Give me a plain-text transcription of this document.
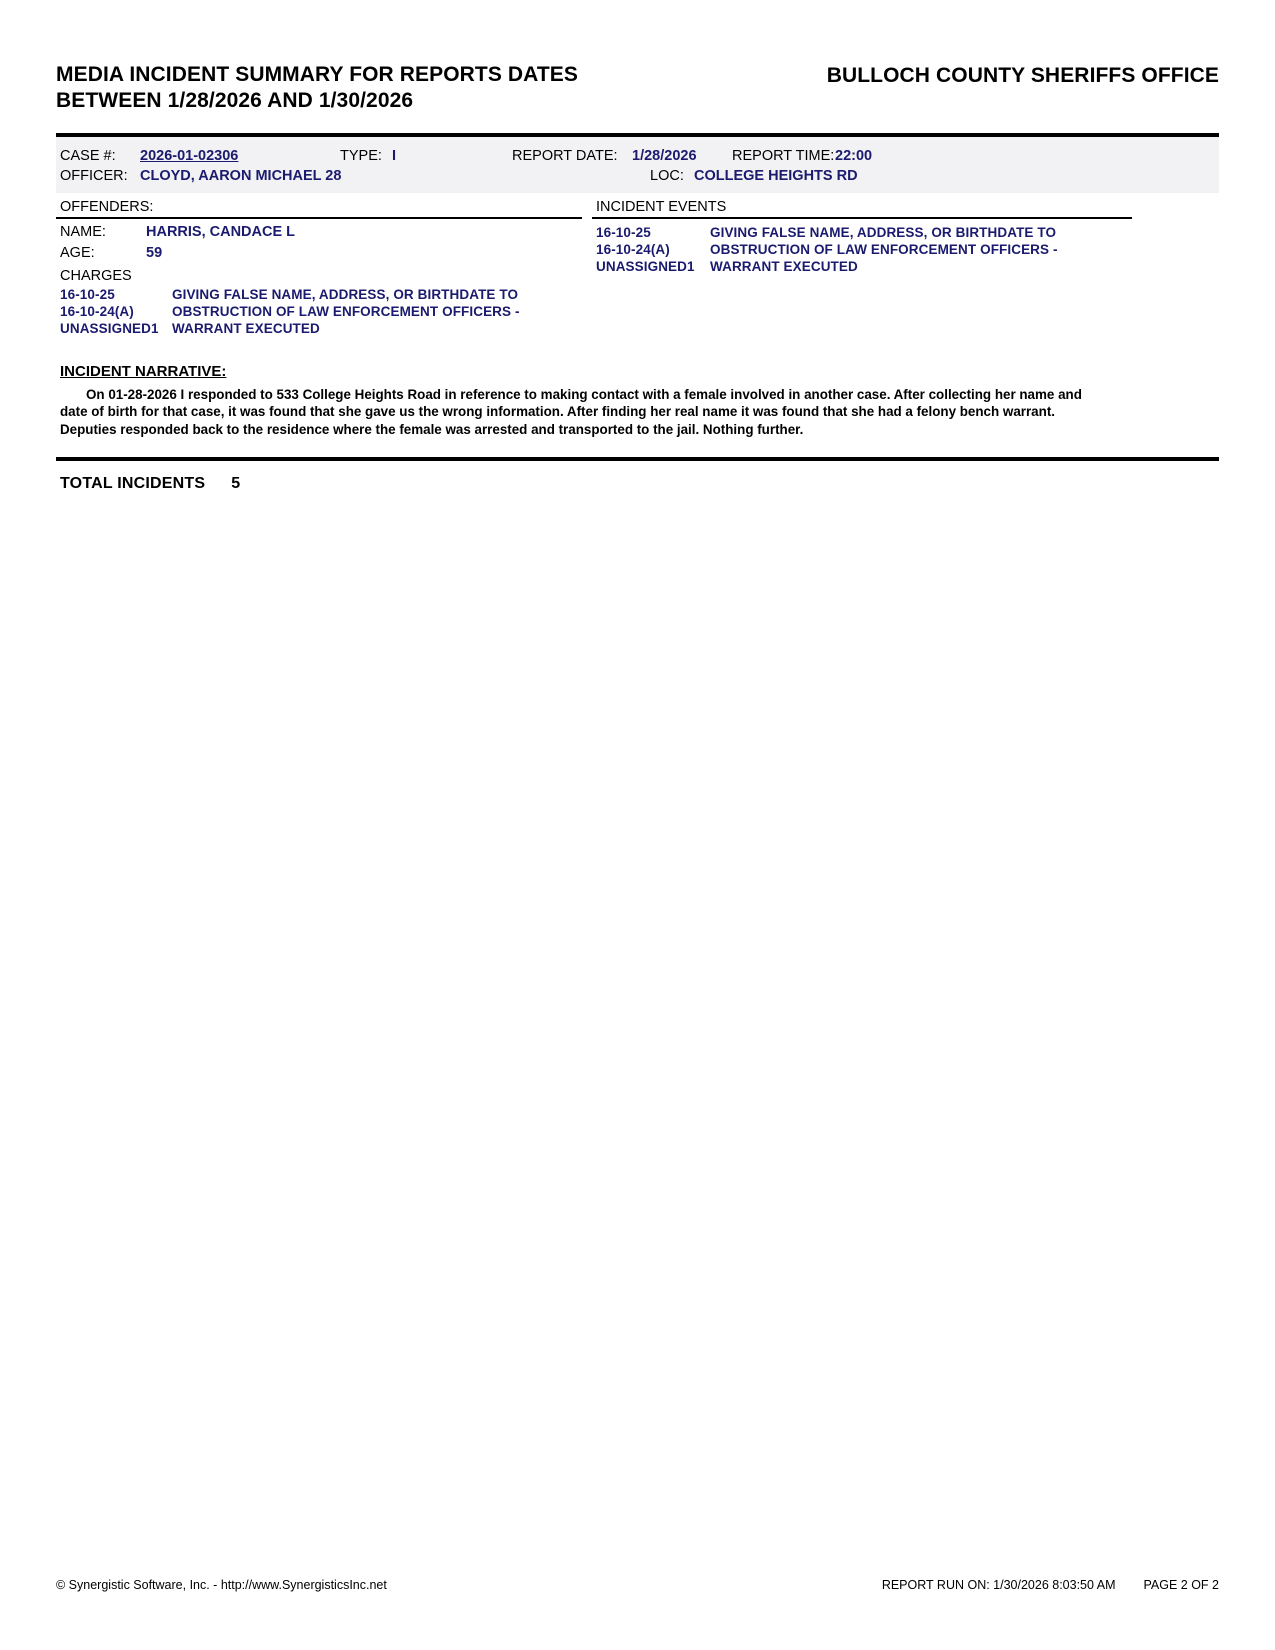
MEDIA INCIDENT SUMMARY FOR REPORTS DATES BETWEEN 1/28/2026 AND 1/30/2026
BULLOCH COUNTY SHERIFFS OFFICE
CASE #:	2026-01-02306	TYPE: I	REPORT DATE: 1/28/2026	REPORT TIME: 22:00
OFFICER: CLOYD, AARON MICHAEL 28	LOC: COLLEGE HEIGHTS RD
OFFENDERS:
NAME:	HARRIS, CANDACE L
AGE:	59
CHARGES
16-10-25	GIVING FALSE NAME, ADDRESS, OR BIRTHDATE TO
16-10-24(A)	OBSTRUCTION OF LAW ENFORCEMENT OFFICERS -
UNASSIGNED1 WARRANT EXECUTED
INCIDENT EVENTS
16-10-25	GIVING FALSE NAME, ADDRESS, OR BIRTHDATE TO
16-10-24(A)	OBSTRUCTION OF LAW ENFORCEMENT OFFICERS -
UNASSIGNED1	WARRANT EXECUTED
INCIDENT NARRATIVE:
On 01-28-2026 I responded to 533 College Heights Road in reference to making contact with a female involved in another case. After collecting her name and date of birth for that case, it was found that she gave us the wrong information. After finding her real name it was found that she had a felony bench warrant. Deputies responded back to the residence where the female was arrested and transported to the jail. Nothing further.
TOTAL INCIDENTS	5
© Synergistic Software, Inc. - http://www.SynergisticsInc.net	REPORT RUN ON: 1/30/2026 8:03:50 AM	PAGE 2 OF 2
